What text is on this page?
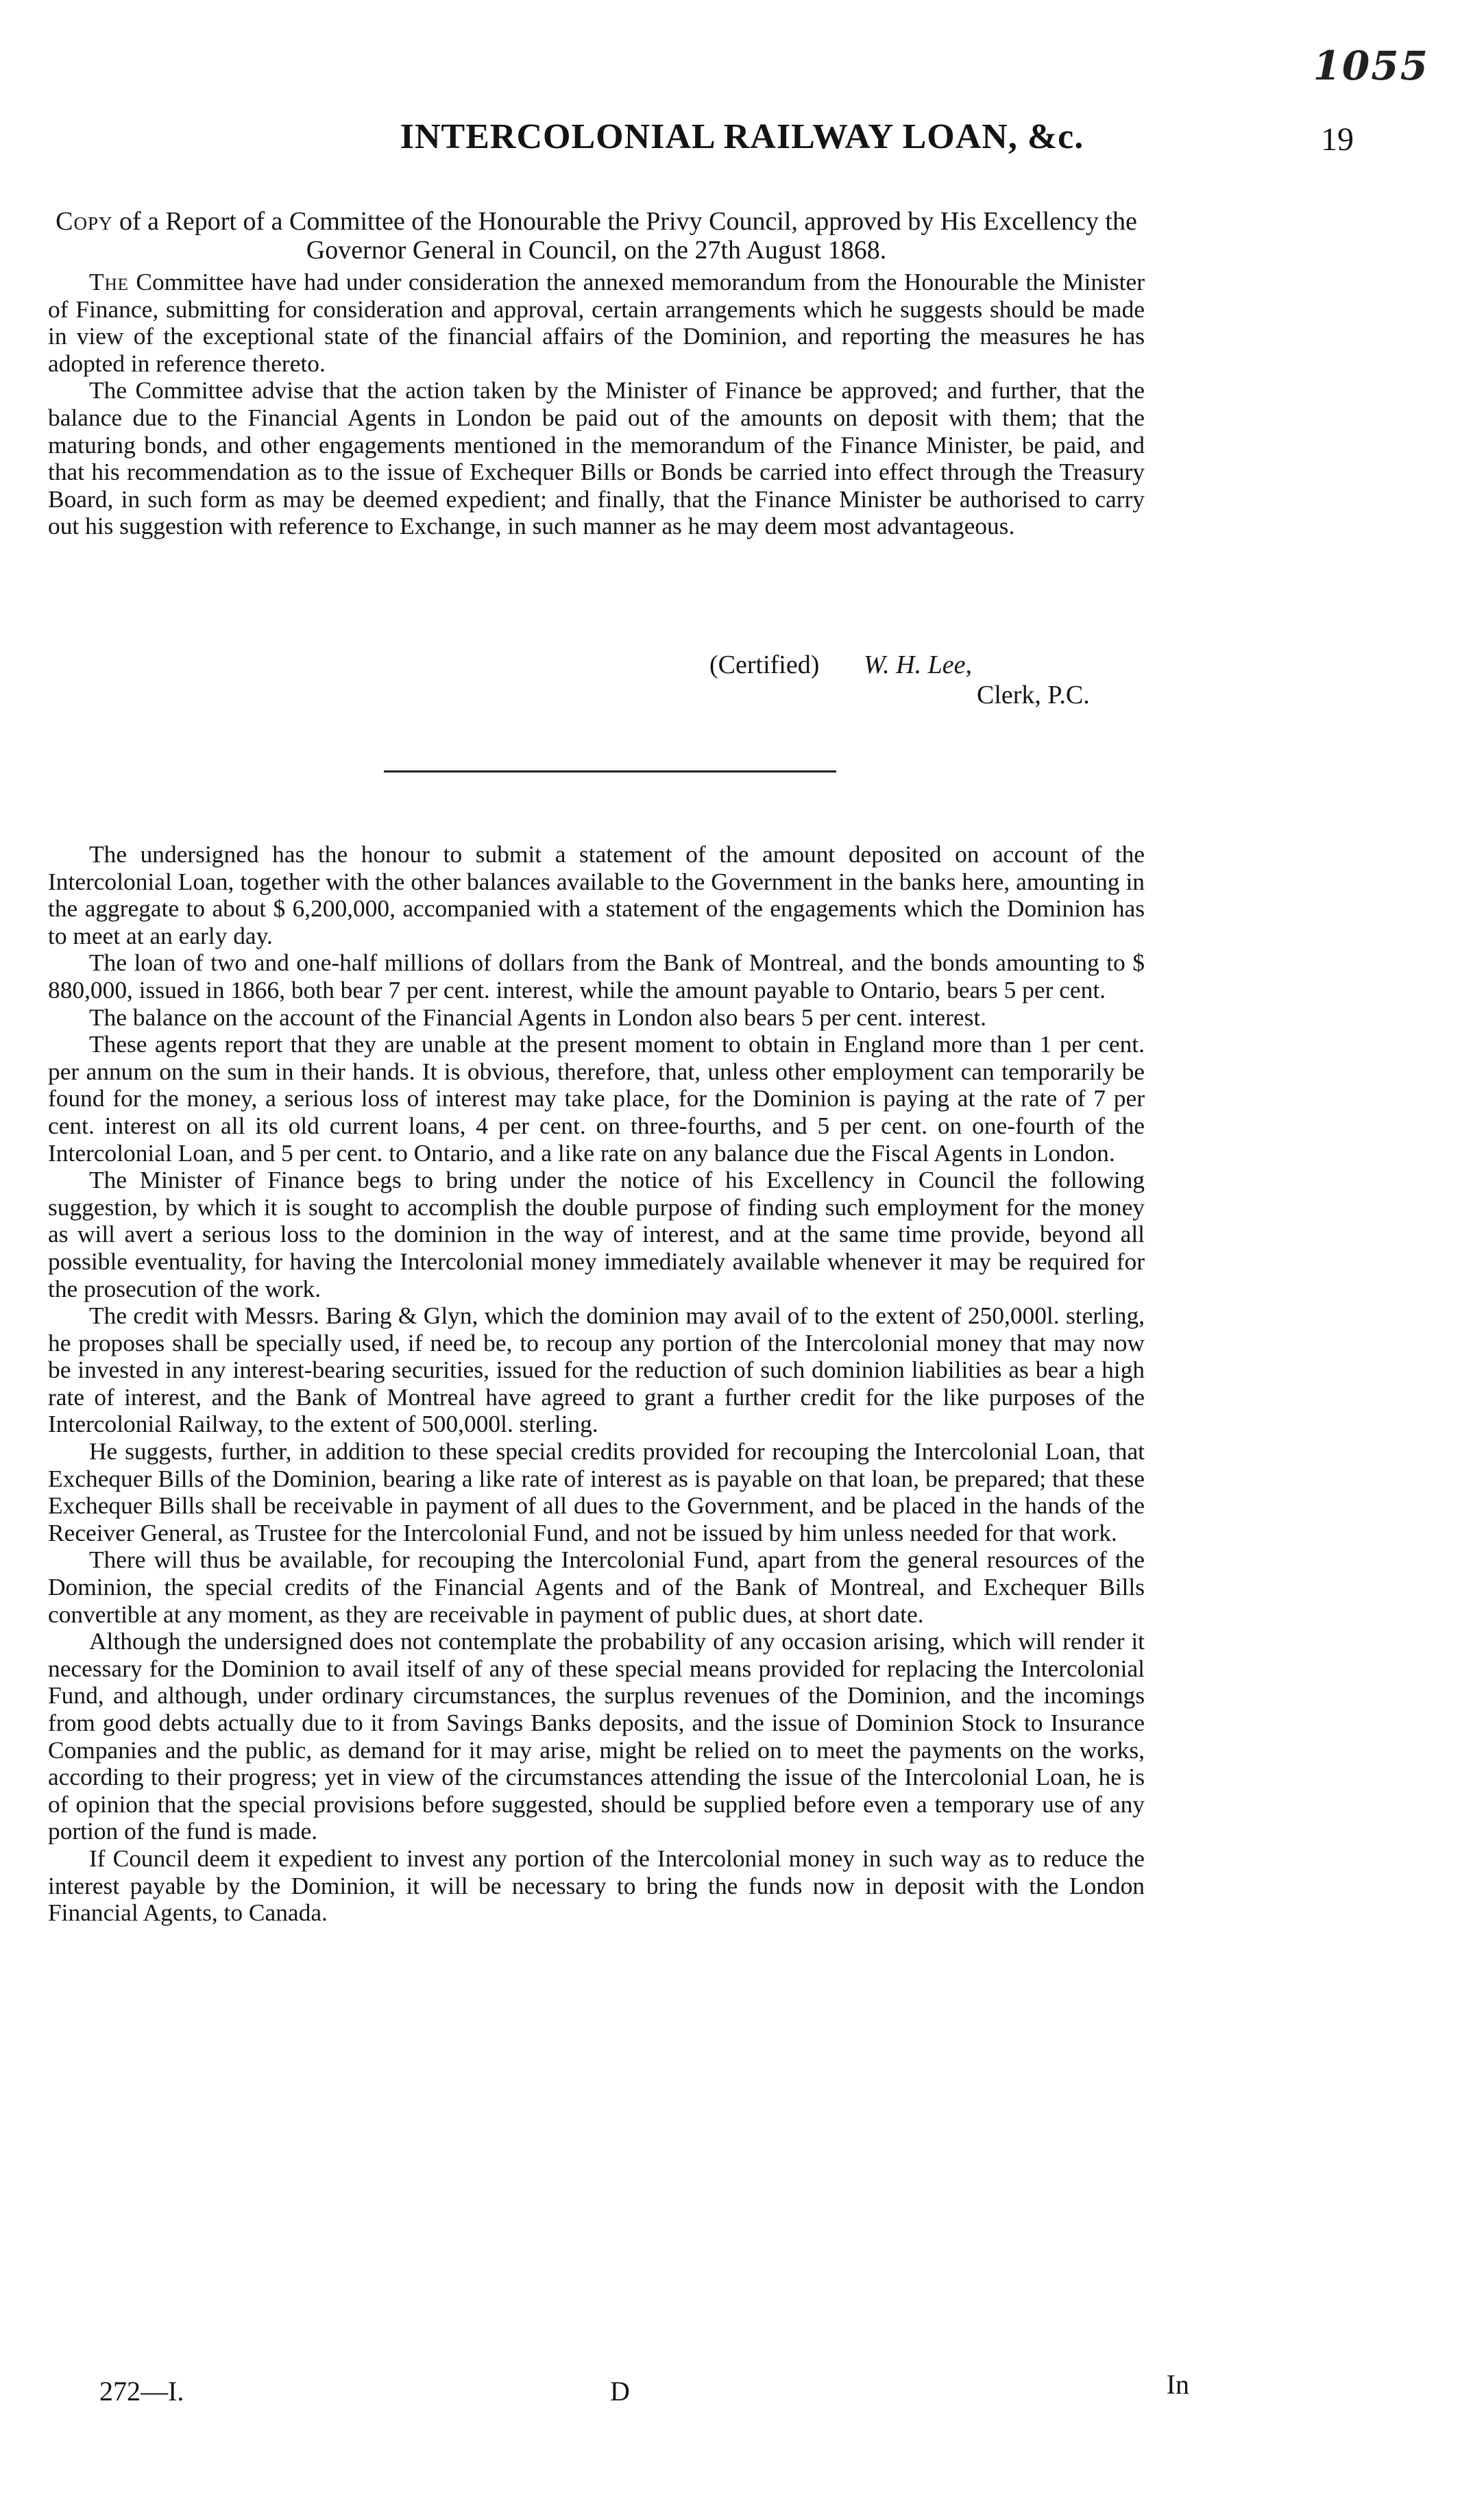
1055
INTERCOLONIAL RAILWAY LOAN, &c.	19

Copy of a Report of a Committee of the Honourable the Privy Council, approved by His Excellency the Governor General in Council, on the 27th August 1868.

The Committee have had under consideration the annexed memorandum from the Honourable the Minister of Finance, submitting for consideration and approval, certain arrangements which he suggests should be made in view of the exceptional state of the financial affairs of the Dominion, and reporting the measures he has adopted in reference thereto.

The Committee advise that the action taken by the Minister of Finance be approved; and further, that the balance due to the Financial Agents in London be paid out of the amounts on deposit with them; that the maturing bonds, and other engagements mentioned in the memorandum of the Finance Minister, be paid, and that his recommendation as to the issue of Exchequer Bills or Bonds be carried into effect through the Treasury Board, in such form as may be deemed expedient; and finally, that the Finance Minister be authorised to carry out his suggestion with reference to Exchange, in such manner as he may deem most advantageous.

(Certified) W. H. Lee,
Clerk, P.C.

The undersigned has the honour to submit a statement of the amount deposited on account of the Intercolonial Loan, together with the other balances available to the Government in the banks here, amounting in the aggregate to about $ 6,200,000, accompanied with a statement of the engagements which the Dominion has to meet at an early day.

The loan of two and one-half millions of dollars from the Bank of Montreal, and the bonds amounting to $ 880,000, issued in 1866, both bear 7 per cent. interest, while the amount payable to Ontario, bears 5 per cent.

The balance on the account of the Financial Agents in London also bears 5 per cent. interest.

These agents report that they are unable at the present moment to obtain in England more than 1 per cent. per annum on the sum in their hands. It is obvious, therefore, that, unless other employment can temporarily be found for the money, a serious loss of interest may take place, for the Dominion is paying at the rate of 7 per cent. interest on all its old current loans, 4 per cent. on three-fourths, and 5 per cent. on one-fourth of the Intercolonial Loan, and 5 per cent. to Ontario, and a like rate on any balance due the Fiscal Agents in London.

The Minister of Finance begs to bring under the notice of his Excellency in Council the following suggestion, by which it is sought to accomplish the double purpose of finding such employment for the money as will avert a serious loss to the dominion in the way of interest, and at the same time provide, beyond all possible eventuality, for having the Intercolonial money immediately available whenever it may be required for the prosecution of the work.

The credit with Messrs. Baring & Glyn, which the dominion may avail of to the extent of 250,000l. sterling, he proposes shall be specially used, if need be, to recoup any portion of the Intercolonial money that may now be invested in any interest-bearing securities, issued for the reduction of such dominion liabilities as bear a high rate of interest, and the Bank of Montreal have agreed to grant a further credit for the like purposes of the Intercolonial Railway, to the extent of 500,000l. sterling.

He suggests, further, in addition to these special credits provided for recouping the Intercolonial Loan, that Exchequer Bills of the Dominion, bearing a like rate of interest as is payable on that loan, be prepared; that these Exchequer Bills shall be receivable in payment of all dues to the Government, and be placed in the hands of the Receiver General, as Trustee for the Intercolonial Fund, and not be issued by him unless needed for that work.

There will thus be available, for recouping the Intercolonial Fund, apart from the general resources of the Dominion, the special credits of the Financial Agents and of the Bank of Montreal, and Exchequer Bills convertible at any moment, as they are receivable in payment of public dues, at short date.

Although the undersigned does not contemplate the probability of any occasion arising, which will render it necessary for the Dominion to avail itself of any of these special means provided for replacing the Intercolonial Fund, and although, under ordinary circumstances, the surplus revenues of the Dominion, and the incomings from good debts actually due to it from Savings Banks deposits, and the issue of Dominion Stock to Insurance Companies and the public, as demand for it may arise, might be relied on to meet the payments on the works, according to their progress; yet in view of the circumstances attending the issue of the Intercolonial Loan, he is of opinion that the special provisions before suggested, should be supplied before even a temporary use of any portion of the fund is made.

If Council deem it expedient to invest any portion of the Intercolonial money in such way as to reduce the interest payable by the Dominion, it will be necessary to bring the funds now in deposit with the London Financial Agents, to Canada.

272—I.	D	In
